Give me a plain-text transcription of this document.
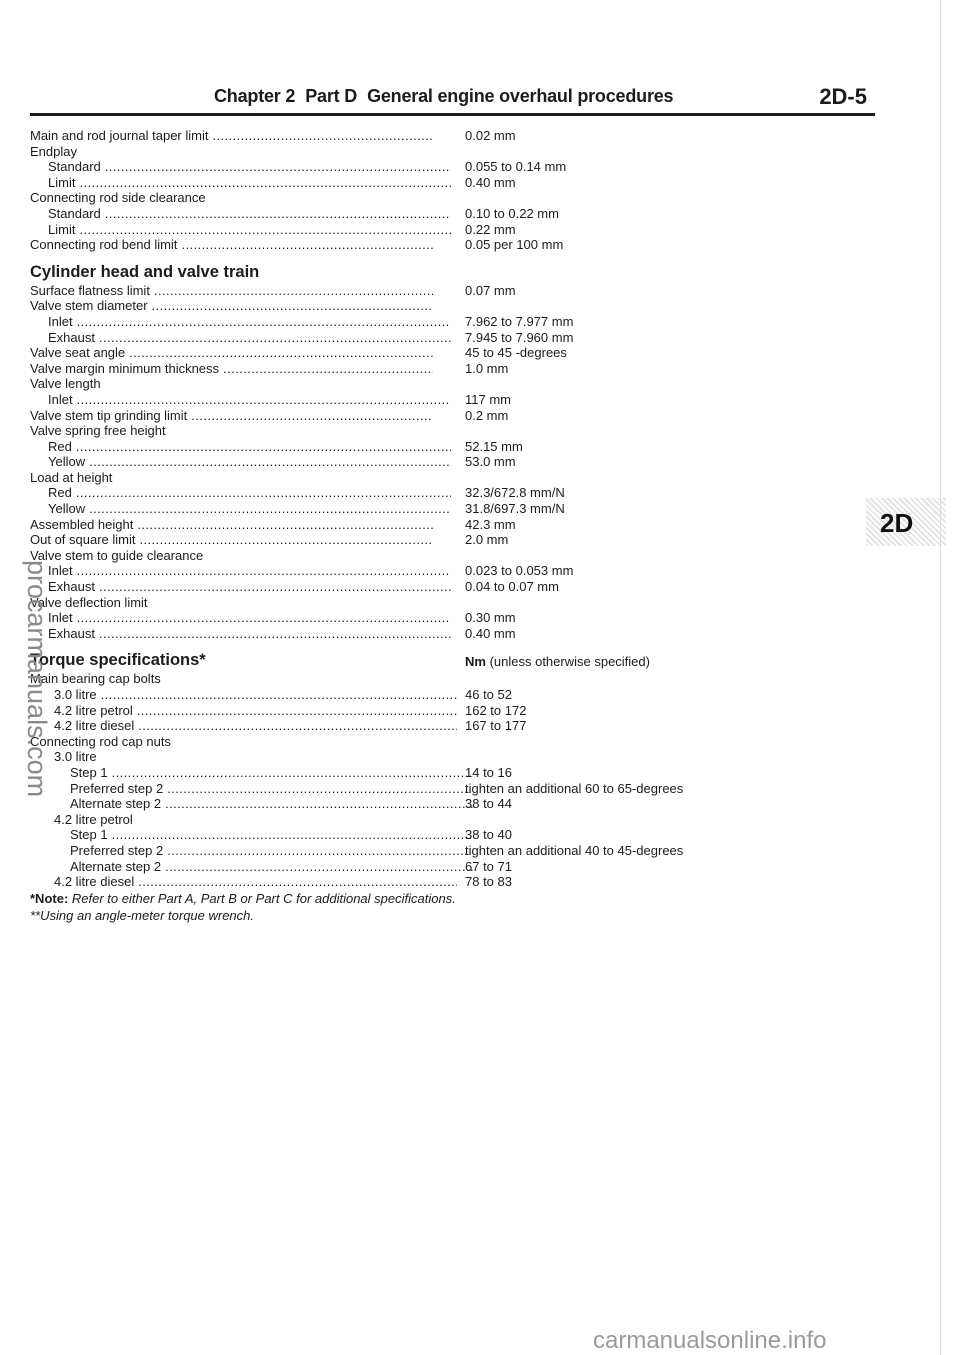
Chapter 2 Part D General engine overhaul procedures	2D-5
Main and rod journal taper limit .....	0.02 mm
Endplay
Standard .....	0.055 to 0.14 mm
Limit .....	0.40 mm
Connecting rod side clearance
Standard .....	0.10 to 0.22 mm
Limit .....	0.22 mm
Connecting rod bend limit .....	0.05 per 100 mm
Cylinder head and valve train
Surface flatness limit .....	0.07 mm
Valve stem diameter .....
Inlet .....	7.962 to 7.977 mm
Exhaust .....	7.945 to 7.960 mm
Valve seat angle .....	45 to 45 -degrees
Valve margin minimum thickness .....	1.0 mm
Valve length
Inlet .....	117 mm
Valve stem tip grinding limit .....	0.2 mm
Valve spring free height
Red .....	52.15 mm
Yellow .....	53.0 mm
Load at height
Red .....	32.3/672.8 mm/N
Yellow .....	31.8/697.3 mm/N
Assembled height .....	42.3 mm
Out of square limit .....	2.0 mm
Valve stem to guide clearance
Inlet .....	0.023 to 0.053 mm
Exhaust .....	0.04 to 0.07 mm
Valve deflection limit
Inlet .....	0.30 mm
Exhaust .....	0.40 mm
Torque specifications*	Nm (unless otherwise specified)
Main bearing cap bolts
3.0 litre .....	46 to 52
4.2 litre petrol .....	162 to 172
4.2 litre diesel .....	167 to 177
Connecting rod cap nuts
3.0 litre
Step 1 .....	14 to 16
Preferred step 2 .....	tighten an additional 60 to 65-degrees
Alternate step 2 .....	38 to 44
4.2 litre petrol
Step 1 .....	38 to 40
Preferred step 2 .....	tighten an additional 40 to 45-degrees
Alternate step 2 .....	67 to 71
4.2 litre diesel .....	78 to 83
*Note: Refer to either Part A, Part B or Part C for additional specifications.
**Using an angle-meter torque wrench.
2D
procarmanuals.com
carmanualsonline.info
